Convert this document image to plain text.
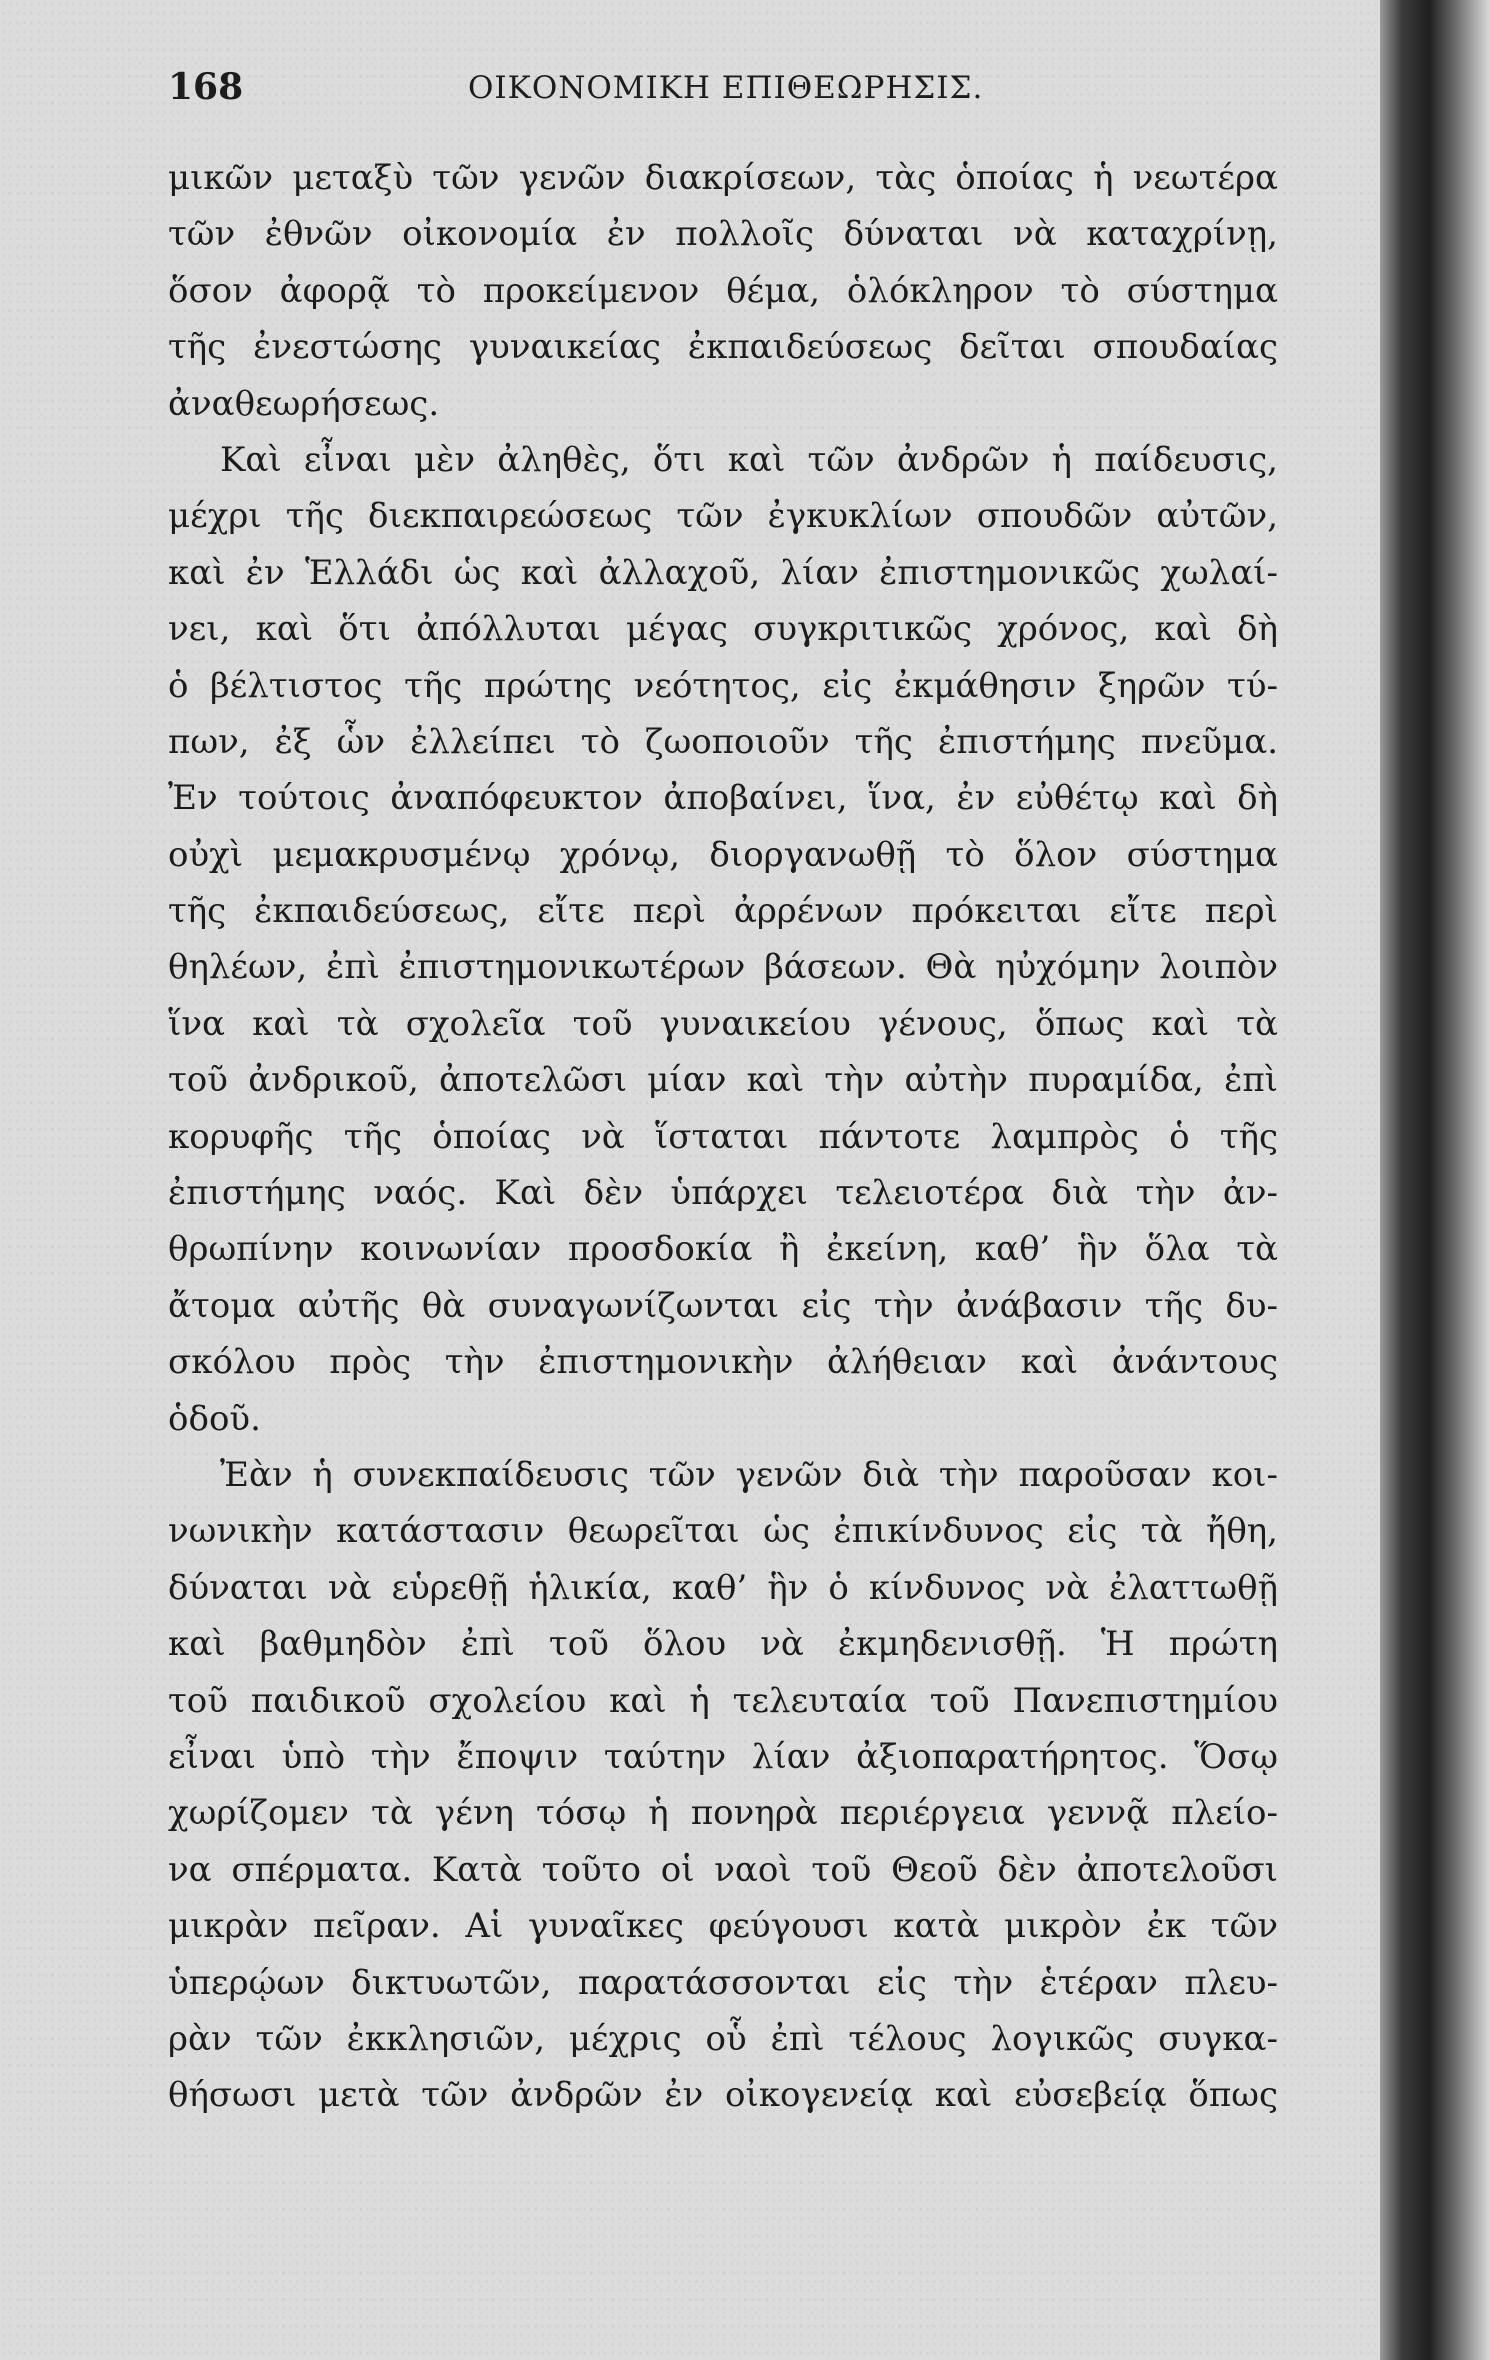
168	ΟΙΚΟΝΟΜΙΚΗ ΕΠΙΘΕΩΡΗΣΙΣ.
μικῶν μεταξὺ τῶν γενῶν διακρίσεων, τὰς ὁποίας ἡ νεωτέρα
τῶν ἐθνῶν οἰκονομία ἐν πολλοῖς δύναται νὰ καταχρίνῃ,
ὅσον ἀφορᾷ τὸ προκείμενον θέμα, ὁλόκληρον τὸ σύστημα
τῆς ἐνεστώσης γυναικείας ἐκπαιδεύσεως δεῖται σπουδαίας
ἀναθεωρήσεως.
Καὶ εἶναι μὲν ἀληθὲς, ὅτι καὶ τῶν ἀνδρῶν ἡ παίδευσις,
μέχρι τῆς διεκπαιρεώσεως τῶν ἐγκυκλίων σπουδῶν αὐτῶν,
καὶ ἐν Ἑλλάδι ὡς καὶ ἀλλαχοῦ, λίαν ἐπιστημονικῶς χωλαί-
νει, καὶ ὅτι ἀπόλλυται μέγας συγκριτικῶς χρόνος, καὶ δὴ
ὁ βέλτιστος τῆς πρώτης νεότητος, εἰς ἐκμάθησιν ξηρῶν τύ-
πων, ἐξ ὧν ἐλλείπει τὸ ζωοποιοῦν τῆς ἐπιστήμης πνεῦμα.
Ἐν τούτοις ἀναπόφευκτον ἀποβαίνει, ἵνα, ἐν εὐθέτῳ καὶ δὴ
οὐχὶ μεμακρυσμένῳ χρόνῳ, διοργανωθῇ τὸ ὅλον σύστημα
τῆς ἐκπαιδεύσεως, εἴτε περὶ ἀρρένων πρόκειται εἴτε περὶ
θηλέων, ἐπὶ ἐπιστημονικωτέρων βάσεων. Θὰ ηὐχόμην λοιπὸν
ἵνα καὶ τὰ σχολεῖα τοῦ γυναικείου γένους, ὅπως καὶ τὰ
τοῦ ἀνδρικοῦ, ἀποτελῶσι μίαν καὶ τὴν αὐτὴν πυραμίδα, ἐπὶ
κορυφῆς τῆς ὁποίας νὰ ἵσταται πάντοτε λαμπρὸς ὁ τῆς
ἐπιστήμης ναός. Καὶ δὲν ὑπάρχει τελειοτέρα διὰ τὴν ἀν-
θρωπίνην κοινωνίαν προσδοκία ἢ ἐκείνη, καθ’ ἣν ὅλα τὰ
ἄτομα αὐτῆς θὰ συναγωνίζωνται εἰς τὴν ἀνάβασιν τῆς δυ-
σκόλου πρὸς τὴν ἐπιστημονικὴν ἀλήθειαν καὶ ἀνάντους
ὁδοῦ.
Ἐὰν ἡ συνεκπαίδευσις τῶν γενῶν διὰ τὴν παροῦσαν κοι-
νωνικὴν κατάστασιν θεωρεῖται ὡς ἐπικίνδυνος εἰς τὰ ἤθη,
δύναται νὰ εὑρεθῇ ἡλικία, καθ’ ἣν ὁ κίνδυνος νὰ ἐλαττωθῇ
καὶ βαθμηδὸν ἐπὶ τοῦ ὅλου νὰ ἐκμηδενισθῇ. Ἡ πρώτη
τοῦ παιδικοῦ σχολείου καὶ ἡ τελευταία τοῦ Πανεπιστημίου
εἶναι ὑπὸ τὴν ἔποψιν ταύτην λίαν ἀξιοπαρατήρητος. Ὅσῳ
χωρίζομεν τὰ γένη τόσῳ ἡ πονηρὰ περιέργεια γεννᾷ πλείο-
να σπέρματα. Κατὰ τοῦτο οἱ ναοὶ τοῦ Θεοῦ δὲν ἀποτελοῦσι
μικρὰν πεῖραν. Αἱ γυναῖκες φεύγουσι κατὰ μικρὸν ἐκ τῶν
ὑπερῴων δικτυωτῶν, παρατάσσονται εἰς τὴν ἑτέραν πλευ-
ρὰν τῶν ἐκκλησιῶν, μέχρις οὗ ἐπὶ τέλους λογικῶς συγκα-
θήσωσι μετὰ τῶν ἀνδρῶν ἐν οἰκογενείᾳ καὶ εὐσεβείᾳ ὅπως
